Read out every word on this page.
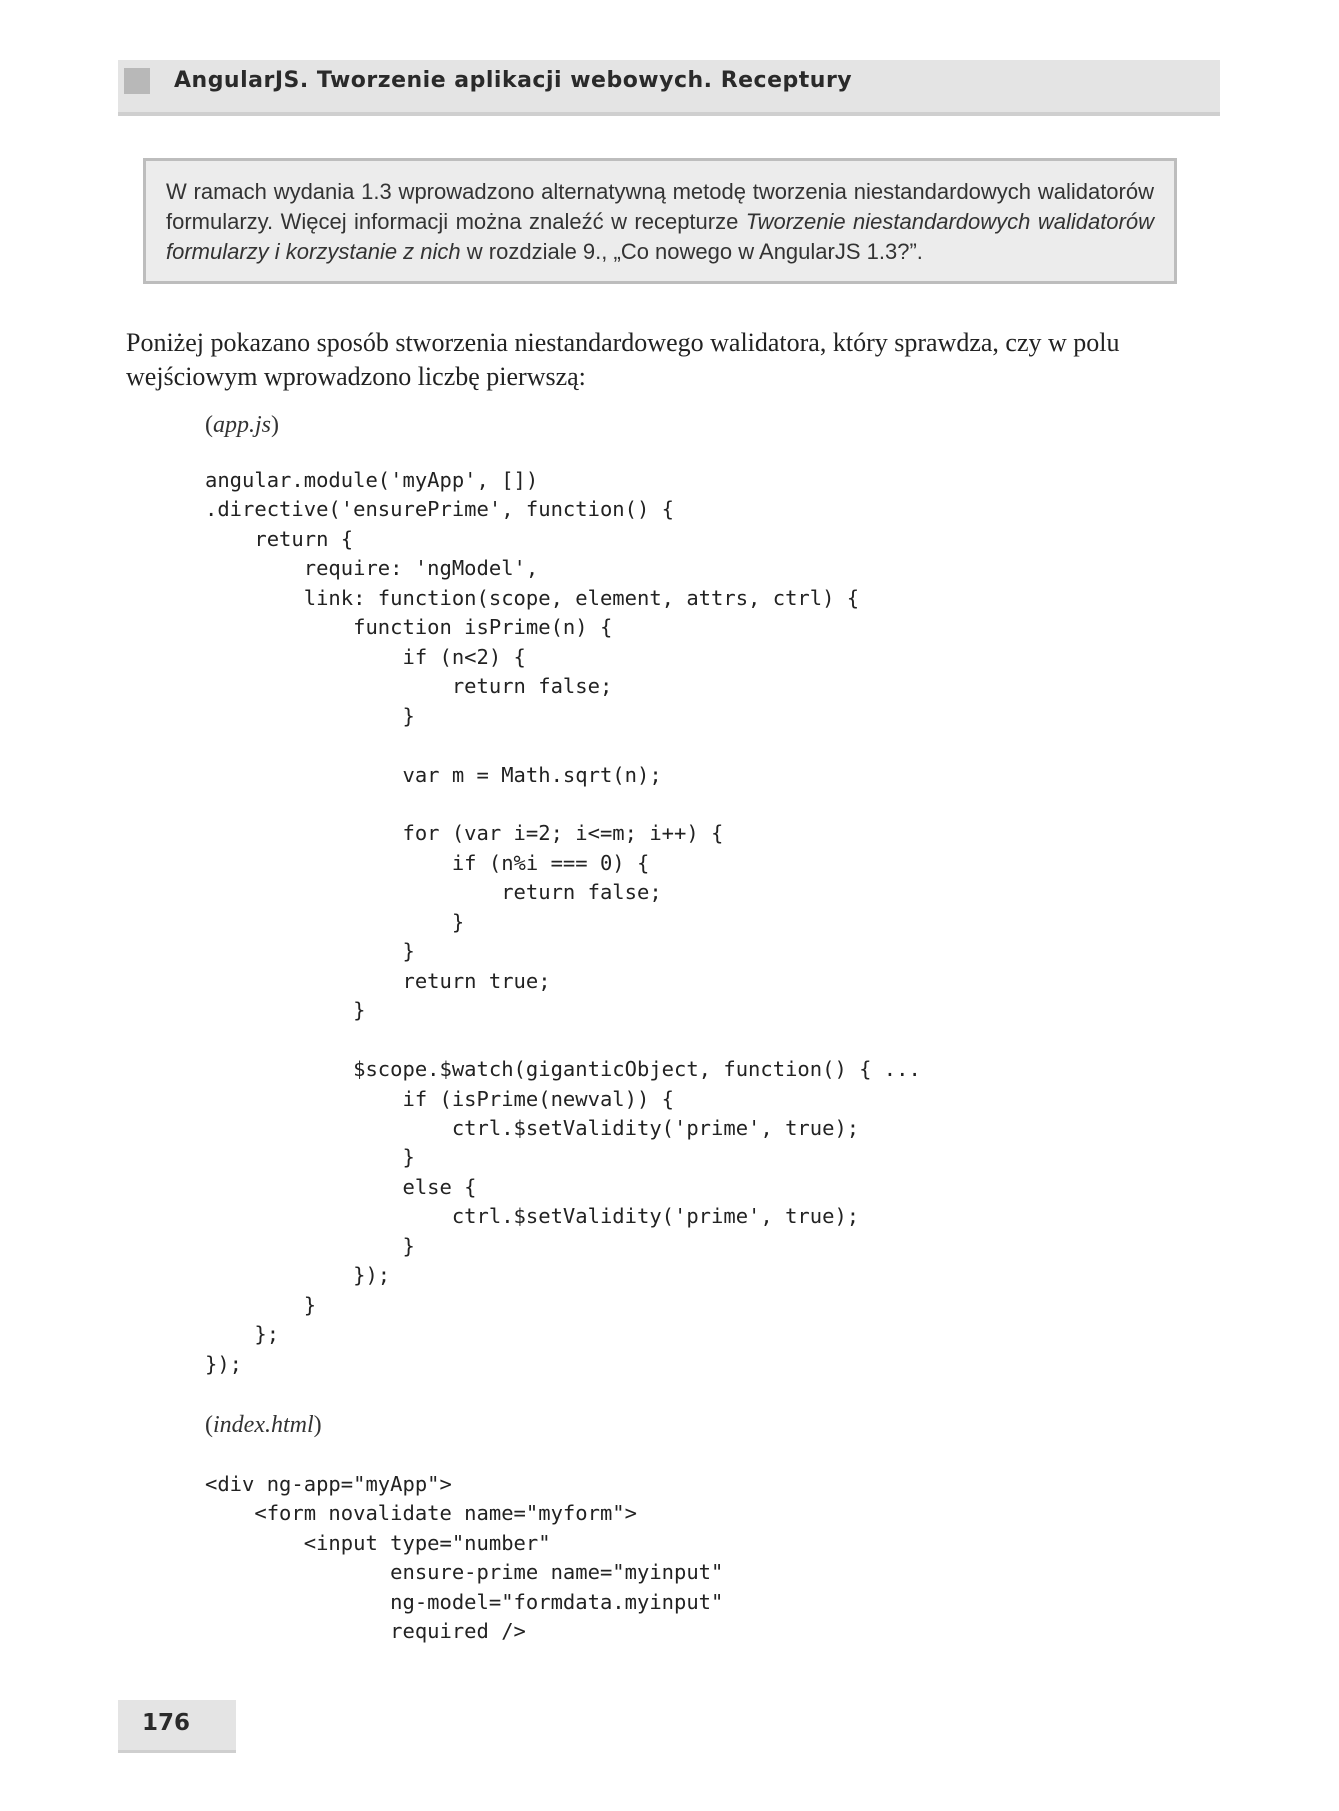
AngularJS. Tworzenie aplikacji webowych. Receptury
W ramach wydania 1.3 wprowadzono alternatywną metodę tworzenia niestandardowych walidatorów formularzy. Więcej informacji można znaleźć w recepturze Tworzenie niestandardowych walidatorów formularzy i korzystanie z nich w rozdziale 9., „Co nowego w AngularJS 1.3?”.
Poniżej pokazano sposób stworzenia niestandardowego walidatora, który sprawdza, czy w polu wejściowym wprowadzono liczbę pierwszą:
(app.js)
angular.module('myApp', [])
.directive('ensurePrime', function() {
return {
require: 'ngModel',
link: function(scope, element, attrs, ctrl) {
function isPrime(n) {
if (n<2) {
return false;
}

var m = Math.sqrt(n);

for (var i=2; i<=m; i++) {
if (n%i === 0) {
return false;
}
}
return true;
}

$scope.$watch(giganticObject, function() { ...
if (isPrime(newval)) {
ctrl.$setValidity('prime', true);
}
else {
ctrl.$setValidity('prime', true);
}
});
}
};
});
(index.html)
<div ng-app="myApp">
<form novalidate name="myform">
<input type="number"
ensure-prime name="myinput"
ng-model="formdata.myinput"
required />
176
